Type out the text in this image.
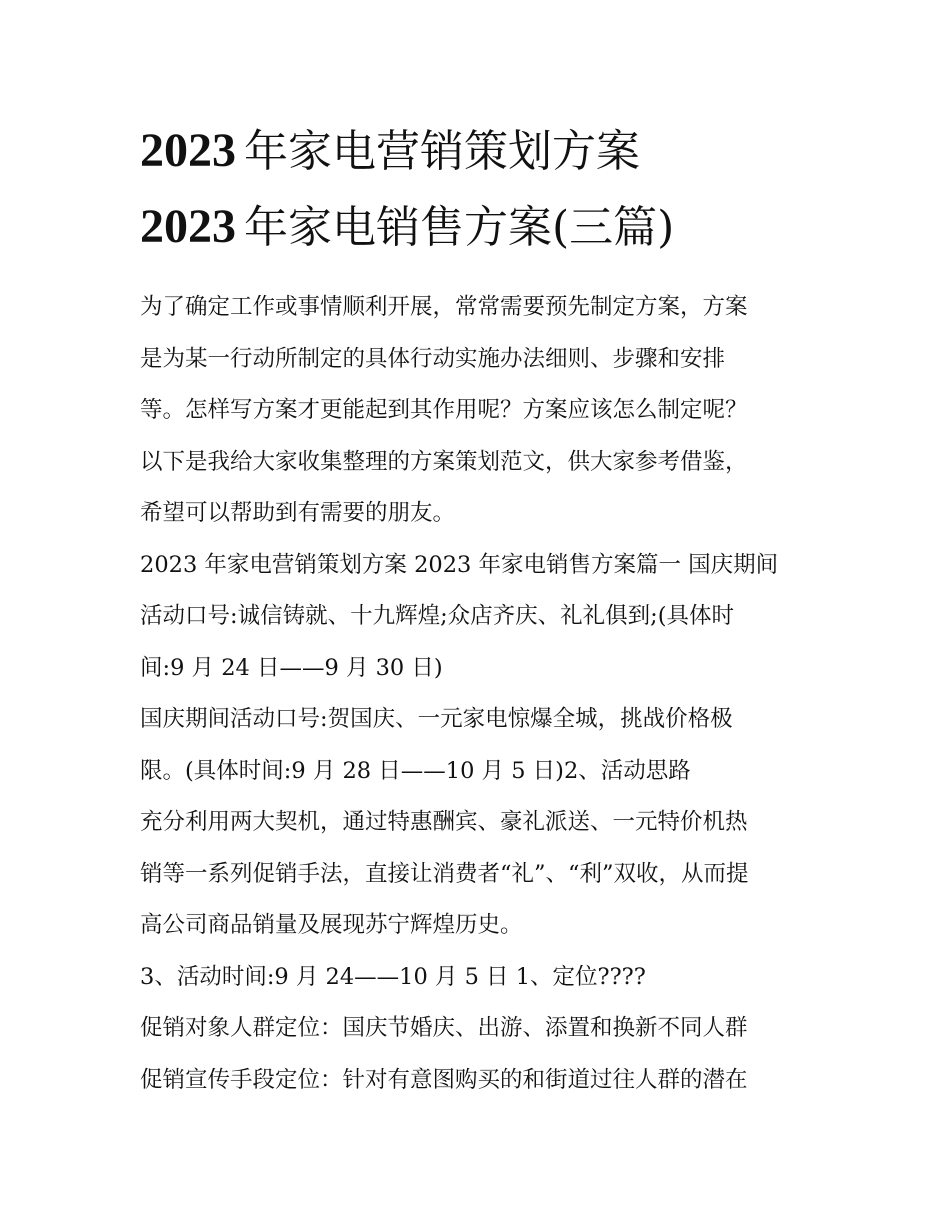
2023 年家电营销策划方案
2023 年家电销售方案(三篇)

为了确定工作或事情顺利开展，常常需要预先制定方案，方案
是为某一行动所制定的具体行动实施办法细则、步骤和安排
等。怎样写方案才更能起到其作用呢？方案应该怎么制定呢？
以下是我给大家收集整理的方案策划范文，供大家参考借鉴，
希望可以帮助到有需要的朋友。

2023 年家电营销策划方案 2023 年家电销售方案篇一 国庆期间
活动口号:诚信铸就、十九辉煌;众店齐庆、礼礼俱到;(具体时
间:9 月 24 日——9 月 30 日)

国庆期间活动口号:贺国庆、一元家电惊爆全城，挑战价格极
限。(具体时间:9 月 28 日——10 月 5 日)2、活动思路

充分利用两大契机，通过特惠酬宾、豪礼派送、一元特价机热
销等一系列促销手法，直接让消费者“礼”、“利”双收，从而提
高公司商品销量及展现苏宁辉煌历史。

3、活动时间:9 月 24——10 月 5 日 1、定位????

促销对象人群定位：国庆节婚庆、出游、添置和换新不同人群
促销宣传手段定位：针对有意图购买的和街道过往人群的潜在
